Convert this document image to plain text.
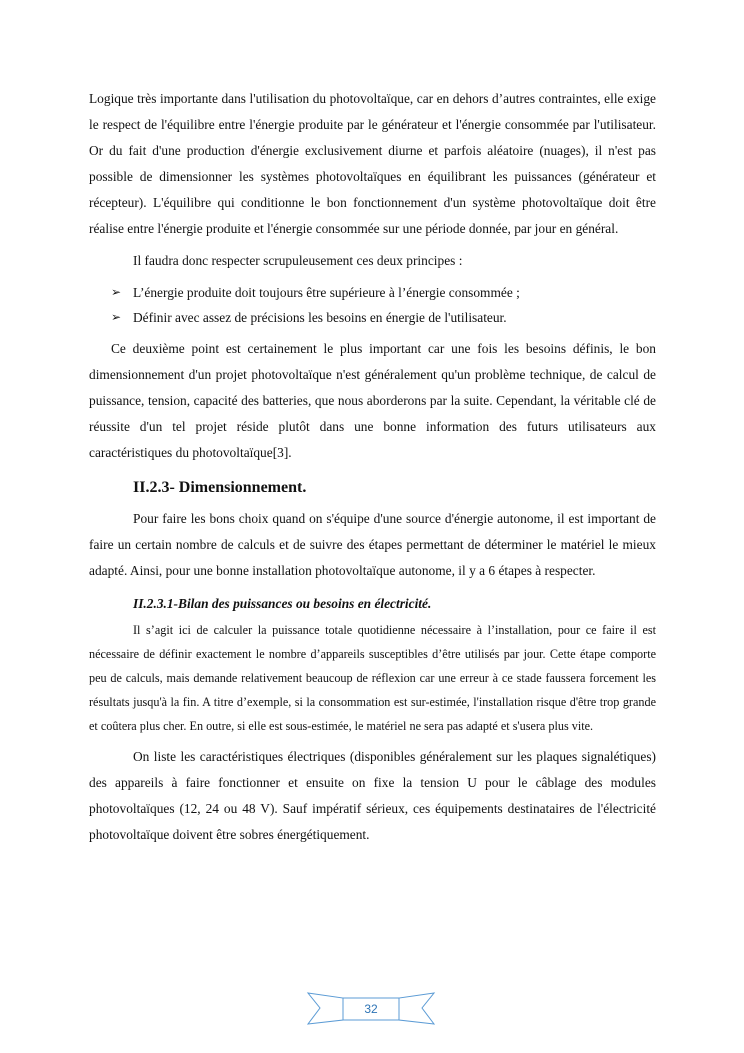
Logique très importante dans l'utilisation du photovoltaïque, car en dehors d’autres contraintes, elle exige le respect de l'équilibre entre l'énergie produite par le générateur et l'énergie consommée par l'utilisateur. Or du fait d'une production d'énergie exclusivement diurne et parfois aléatoire (nuages), il n'est pas possible de dimensionner les systèmes photovoltaïques en équilibrant les puissances (générateur et récepteur). L'équilibre qui conditionne le bon fonctionnement d'un système photovoltaïque doit être réalise entre l'énergie produite et l'énergie consommée sur une période donnée, par jour en général.

Il faudra donc respecter scrupuleusement ces deux principes :

➢ L’énergie produite doit toujours être supérieure à l’énergie consommée ;
➢ Définir avec assez de précisions les besoins en énergie de l'utilisateur.

Ce deuxième point est certainement le plus important car une fois les besoins définis, le bon dimensionnement d'un projet photovoltaïque n'est généralement qu'un problème technique, de calcul de puissance, tension, capacité des batteries, que nous aborderons par la suite. Cependant, la véritable clé de réussite d'un tel projet réside plutôt dans une bonne information des futurs utilisateurs aux caractéristiques du photovoltaïque[3].

II.2.3- Dimensionnement.

Pour faire les bons choix quand on s'équipe d'une source d'énergie autonome, il est important de faire un certain nombre de calculs et de suivre des étapes permettant de déterminer le matériel le mieux adapté. Ainsi, pour une bonne installation photovoltaïque autonome, il y a 6 étapes à respecter.

II.2.3.1-Bilan des puissances ou besoins en électricité.

Il s’agit ici de calculer la puissance totale quotidienne nécessaire à l’installation, pour ce faire il est nécessaire de définir exactement le nombre d’appareils susceptibles d’être utilisés par jour. Cette étape comporte peu de calculs, mais demande relativement beaucoup de réflexion car une erreur à ce stade faussera forcement les résultats jusqu'à la fin. A titre d’exemple, si la consommation est sur-estimée, l'installation risque d'être trop grande et coûtera plus cher. En outre, si elle est sous-estimée, le matériel ne sera pas adapté et s'usera plus vite.

On liste les caractéristiques électriques (disponibles généralement sur les plaques signalétiques) des appareils à faire fonctionner et ensuite on fixe la tension U pour le câblage des modules photovoltaïques (12, 24 ou 48 V). Sauf impératif sérieux, ces équipements destinataires de l'électricité photovoltaïque doivent être sobres énergétiquement.

32
